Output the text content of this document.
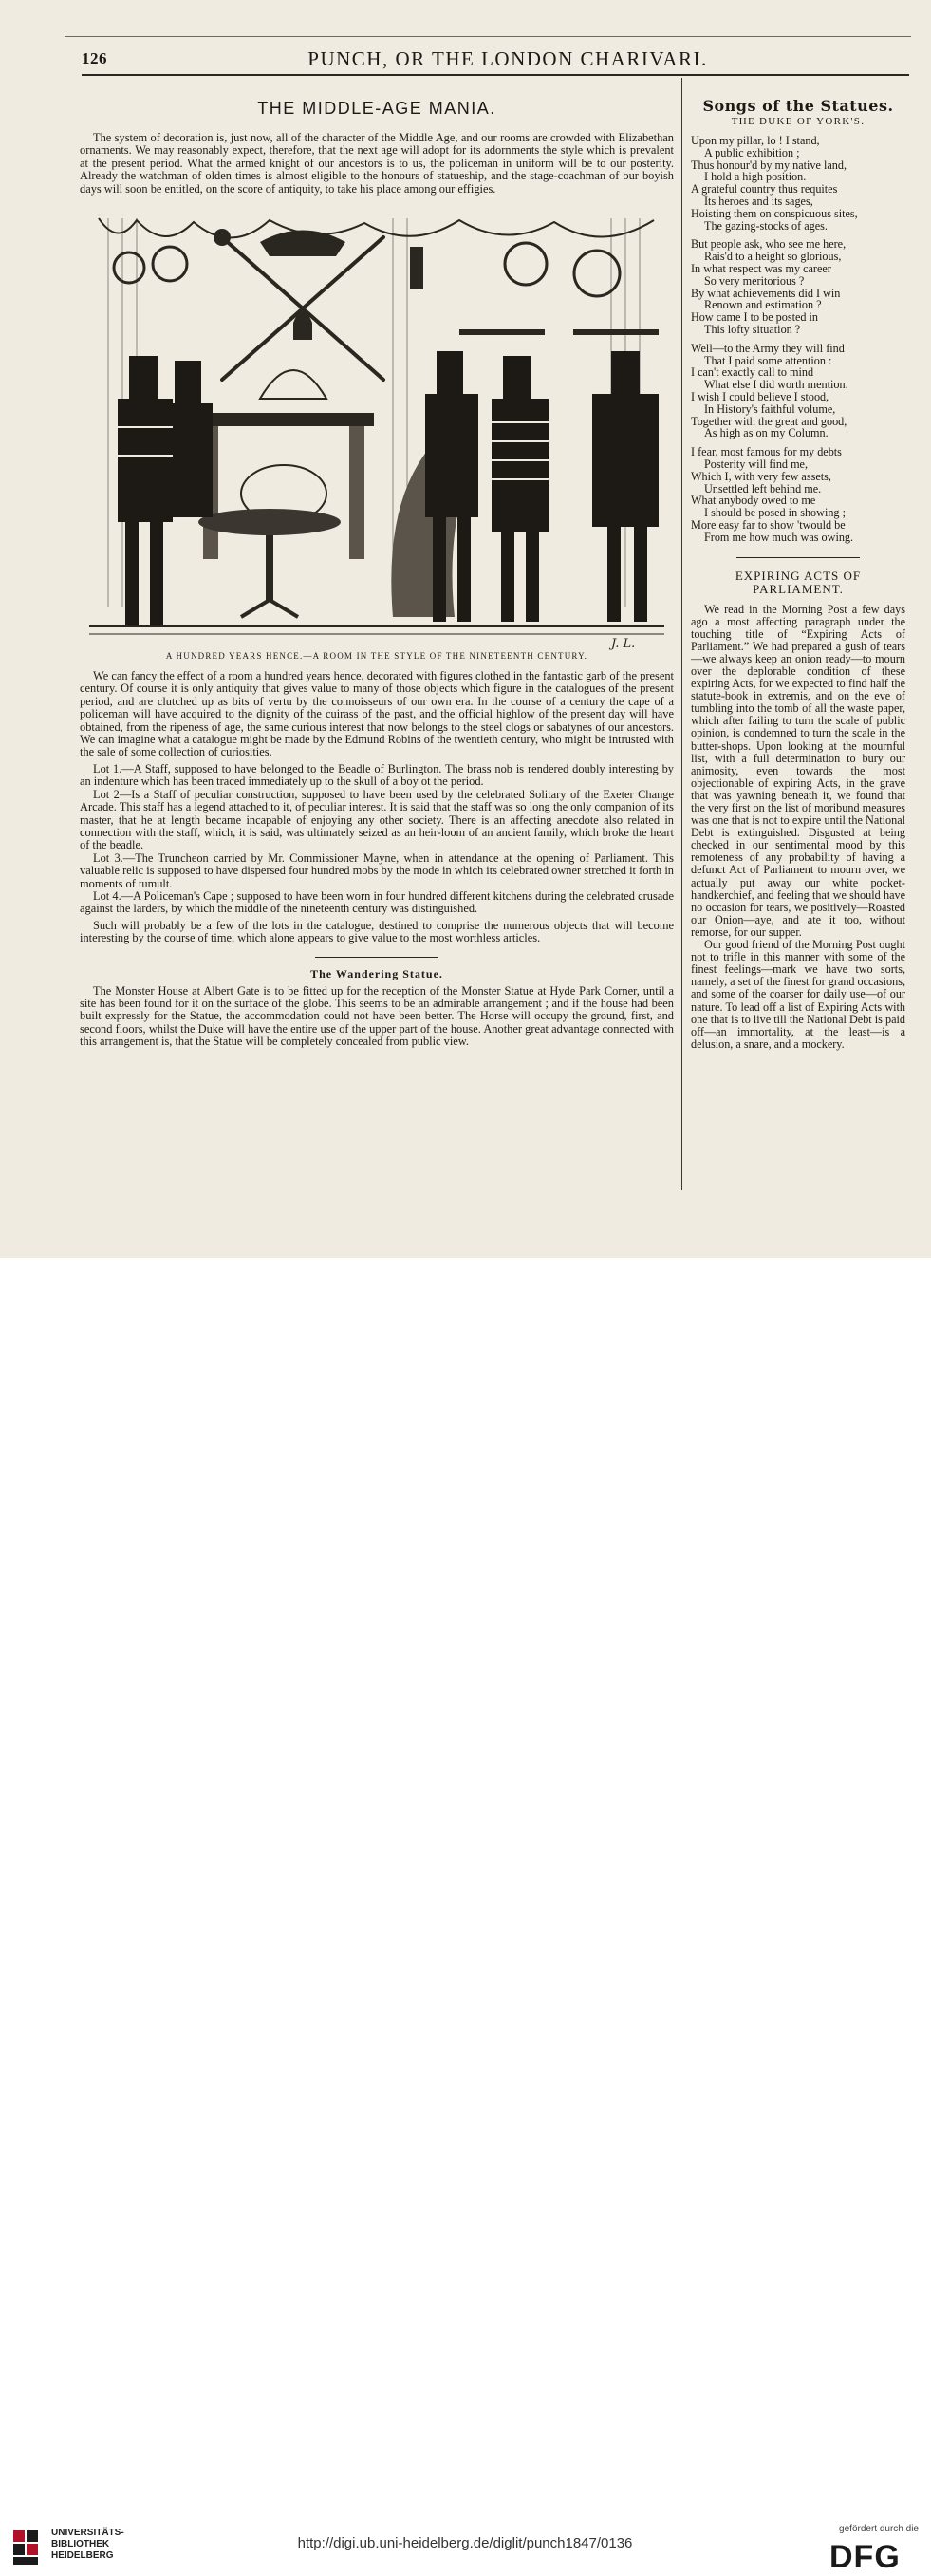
126	PUNCH, OR THE LONDON CHARIVARI.
THE MIDDLE-AGE MANIA.

The system of decoration is, just now, all of the character of the Middle Age, and our rooms are crowded with Elizabethan ornaments. We may reasonably expect, therefore, that the next age will adopt for its adornments the style which is prevalent at the present period. What the armed knight of our ancestors is to us, the policeman in uniform will be to our posterity. Already the watchman of olden times is almost eligible to the honours of statueship, and the stage-coachman of our boyish days will soon be entitled, on the score of antiquity, to take his place among our effigies.

J. L.
A HUNDRED YEARS HENCE.—A ROOM IN THE STYLE OF THE NINETEENTH CENTURY.

We can fancy the effect of a room a hundred years hence, decorated with figures clothed in the fantastic garb of the present century. Of course it is only antiquity that gives value to many of those objects which figure in the catalogues of the present period, and are clutched up as bits of vertu by the connoisseurs of our own era. In the course of a century the cape of a policeman will have acquired to the dignity of the cuirass of the past, and the official highlow of the present day will have obtained, from the ripeness of age, the same curious interest that now belongs to the steel clogs or sabatynes of our ancestors. We can imagine what a catalogue might be made by the Edmund Robins of the twentieth century, who might be intrusted with the sale of some collection of curiosities.

Lot 1.—A Staff, supposed to have belonged to the Beadle of Burlington. The brass nob is rendered doubly interesting by an indenture which has been traced immediately up to the skull of a boy ot the period.

Lot 2—Is a Staff of peculiar construction, supposed to have been used by the celebrated Solitary of the Exeter Change Arcade. This staff has a legend attached to it, of peculiar interest. It is said that the staff was so long the only companion of its master, that he at length became incapable of enjoying any other society. There is an affecting anecdote also related in connection with the staff, which, it is said, was ultimately seized as an heir-loom of an ancient family, which broke the heart of the beadle.

Lot 3.—The Truncheon carried by Mr. Commissioner Mayne, when in attendance at the opening of Parliament. This valuable relic is supposed to have dispersed four hundred mobs by the mode in which its celebrated owner stretched it forth in moments of tumult.

Lot 4.—A Policeman's Cape ; supposed to have been worn in four hundred different kitchens during the celebrated crusade against the larders, by which the middle of the nineteenth century was distinguished.

Such will probably be a few of the lots in the catalogue, destined to comprise the numerous objects that will become interesting by the course of time, which alone appears to give value to the most worthless articles.

The Wandering Statue.

The Monster House at Albert Gate is to be fitted up for the reception of the Monster Statue at Hyde Park Corner, until a site has been found for it on the surface of the globe. This seems to be an admirable arrangement ; and if the house had been built expressly for the Statue, the accommodation could not have been better. The Horse will occupy the ground, first, and second floors, whilst the Duke will have the entire use of the upper part of the house. Another great advantage connected with this arrangement is, that the Statue will be completely concealed from public view.

Songs of the Statues.
THE DUKE OF YORK'S.
Upon my pillar, lo ! I stand,
A public exhibition ;
Thus honour'd by my native land,
I hold a high position.
A grateful country thus requites
Its heroes and its sages,
Hoisting them on conspicuous sites,
The gazing-stocks of ages.
But people ask, who see me here,
Rais'd to a height so glorious,
In what respect was my career
So very meritorious ?
By what achievements did I win
Renown and estimation ?
How came I to be posted in
This lofty situation ?
Well—to the Army they will find
That I paid some attention :
I can't exactly call to mind
What else I did worth mention.
I wish I could believe I stood,
In History's faithful volume,
Together with the great and good,
As high as on my Column.
I fear, most famous for my debts
Posterity will find me,
Which I, with very few assets,
Unsettled left behind me.
What anybody owed to me
I should be posed in showing ;
More easy far to show 'twould be
From me how much was owing.
EXPIRING ACTS OF PARLIAMENT.

We read in the Morning Post a few days ago a most affecting paragraph under the touching title of “Expiring Acts of Parliament.” We had prepared a gush of tears—we always keep an onion ready—to mourn over the deplorable condition of these expiring Acts, for we expected to find half the statute-book in extremis, and on the eve of tumbling into the tomb of all the waste paper, which after failing to turn the scale of public opinion, is condemned to turn the scale in the butter-shops. Upon looking at the mournful list, with a full determination to bury our animosity, even towards the most objectionable of expiring Acts, in the grave that was yawning beneath it, we found that the very first on the list of moribund measures was one that is not to expire until the National Debt is extinguished. Disgusted at being checked in our sentimental mood by this remoteness of any probability of having a defunct Act of Parliament to mourn over, we actually put away our white pocket-handkerchief, and feeling that we should have no occasion for tears, we positively—Roasted our Onion—aye, and ate it too, without remorse, for our supper.

Our good friend of the Morning Post ought not to trifle in this manner with some of the finest feelings—mark we have two sorts, namely, a set of the finest for grand occasions, and some of the coarser for daily use—of our nature. To lead off a list of Expiring Acts with one that is to live till the National Debt is paid off—an immortality, at the least—is a delusion, a snare, and a mockery.

UNIVERSITÄTS-
BIBLIOTHEK
HEIDELBERG
http://digi.ub.uni-heidelberg.de/diglit/punch1847/0136
gefördert durch die
DFG
